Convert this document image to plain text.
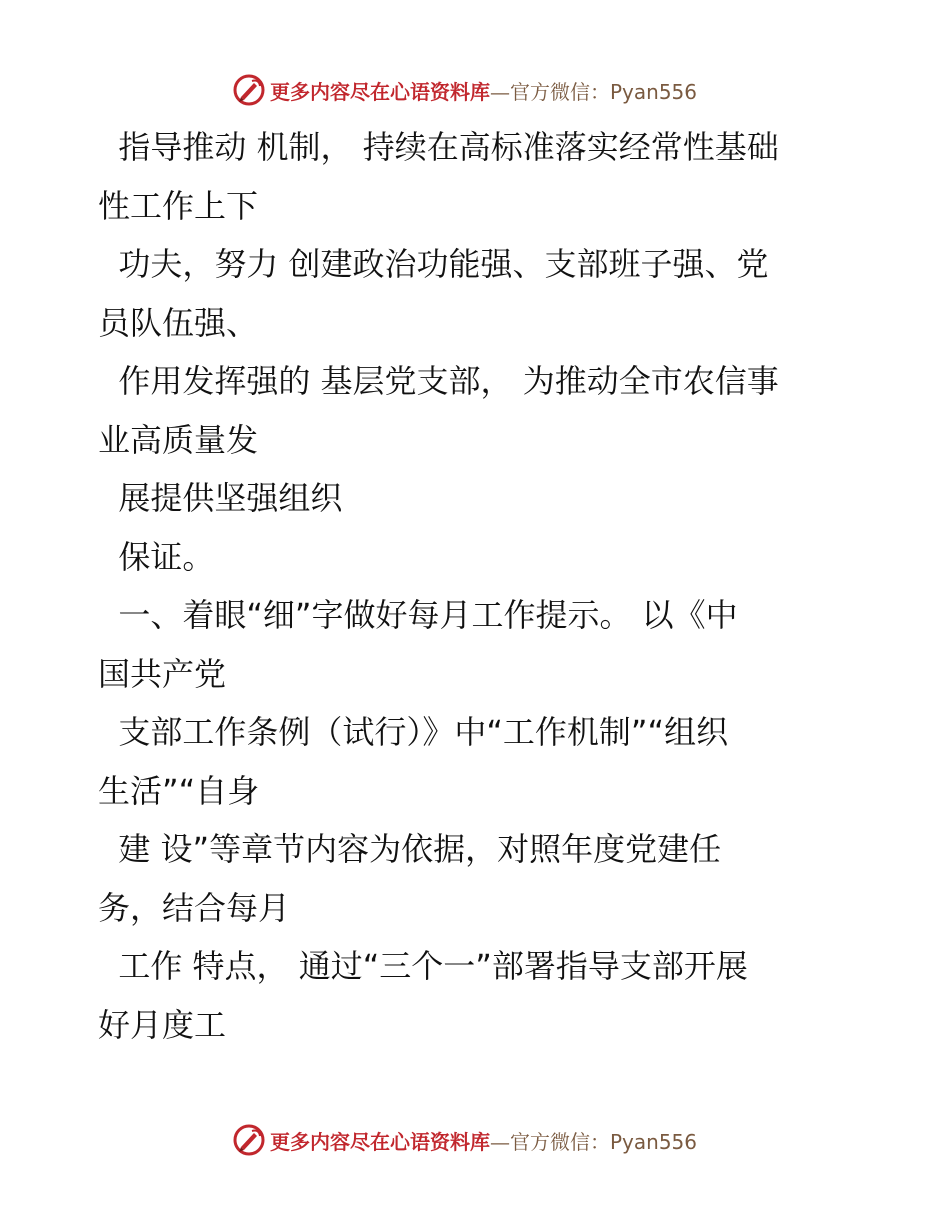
更多内容尽在心语资料库—官方微信：Pyan556
指导推动 机制， 持续在高标准落实经常性基础
性工作上下
功夫，努力 创建政治功能强、支部班子强、党
员队伍强、
作用发挥强的 基层党支部， 为推动全市农信事
业高质量发
展提供坚强组织
保证。
一、着眼“细”字做好每月工作提示。 以《中
国共产党
支部工作条例（试行）》中“工作机制”“组织
生活”“自身
建 设”等章节内容为依据，对照年度党建任
务，结合每月
工作 特点， 通过“三个一”部署指导支部开展
好月度工
更多内容尽在心语资料库—官方微信：Pyan556
